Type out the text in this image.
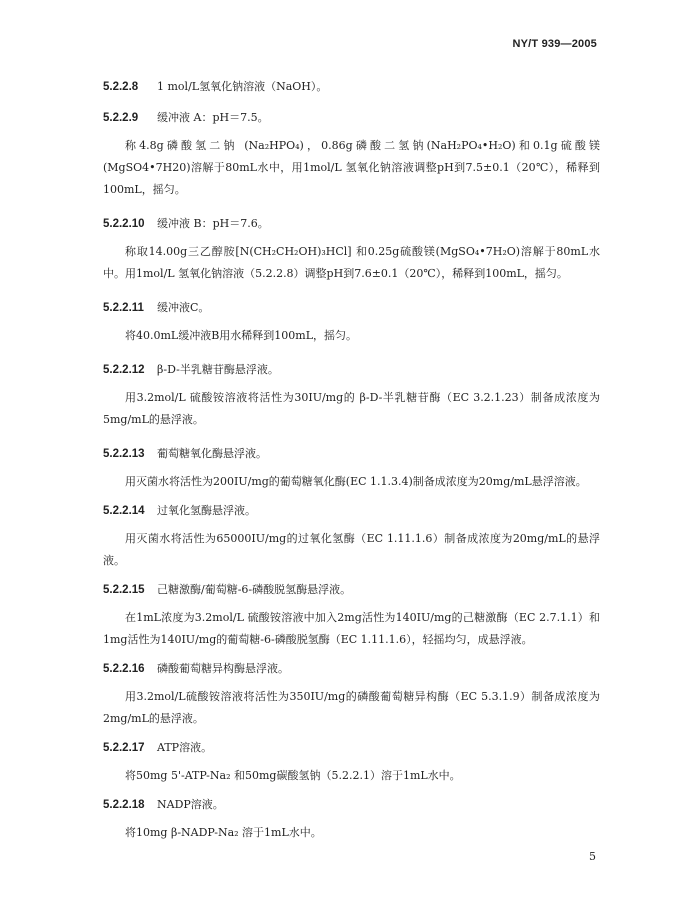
NY/T 939—2005
5.2.2.8 1 mol/L氢氧化钠溶液（NaOH）。
5.2.2.9 缓冲液 A：pH＝7.5。

称4.8g磷酸氢二钠 (Na₂HPO₄)，0.86g磷酸二氢钠(NaH₂PO₄•H₂O)和0.1g硫酸镁(MgSO4•7H20)溶解于80mL水中，用1mol/L 氢氧化钠溶液调整pH到7.5±0.1（20℃），稀释到100mL，摇匀。

5.2.2.10 缓冲液 B：pH＝7.6。

称取14.00g三乙醇胺[N(CH₂CH₂OH)₃HCl] 和0.25g硫酸镁(MgSO₄•7H₂O)溶解于80mL水中。用1mol/L 氢氧化钠溶液（5.2.2.8）调整pH到7.6±0.1（20℃），稀释到100mL，摇匀。

5.2.2.11 缓冲液C。

将40.0mL缓冲液B用水稀释到100mL，摇匀。

5.2.2.12 β-D-半乳糖苷酶悬浮液。

用3.2mol/L 硫酸铵溶液将活性为30IU/mg的 β-D-半乳糖苷酶（EC 3.2.1.23）制备成浓度为5mg/mL的悬浮液。

5.2.2.13 葡萄糖氧化酶悬浮液。

用灭菌水将活性为200IU/mg的葡萄糖氧化酶(EC 1.1.3.4)制备成浓度为20mg/mL悬浮溶液。

5.2.2.14 过氧化氢酶悬浮液。

用灭菌水将活性为65000IU/mg的过氧化氢酶（EC 1.11.1.6）制备成浓度为20mg/mL的悬浮液。

5.2.2.15 己糖激酶/葡萄糖-6-磷酸脱氢酶悬浮液。

在1mL浓度为3.2mol/L 硫酸铵溶液中加入2mg活性为140IU/mg的己糖激酶（EC 2.7.1.1）和1mg活性为140IU/mg的葡萄糖-6-磷酸脱氢酶（EC 1.11.1.6），轻摇均匀，成悬浮液。

5.2.2.16 磷酸葡萄糖异构酶悬浮液。

用3.2mol/L硫酸铵溶液将活性为350IU/mg的磷酸葡萄糖异构酶（EC 5.3.1.9）制备成浓度为2mg/mL的悬浮液。

5.2.2.17 ATP溶液。

将50mg 5'-ATP-Na₂ 和50mg碳酸氢钠（5.2.2.1）溶于1mL水中。

5.2.2.18 NADP溶液。

将10mg β-NADP-Na₂ 溶于1mL水中。

5
